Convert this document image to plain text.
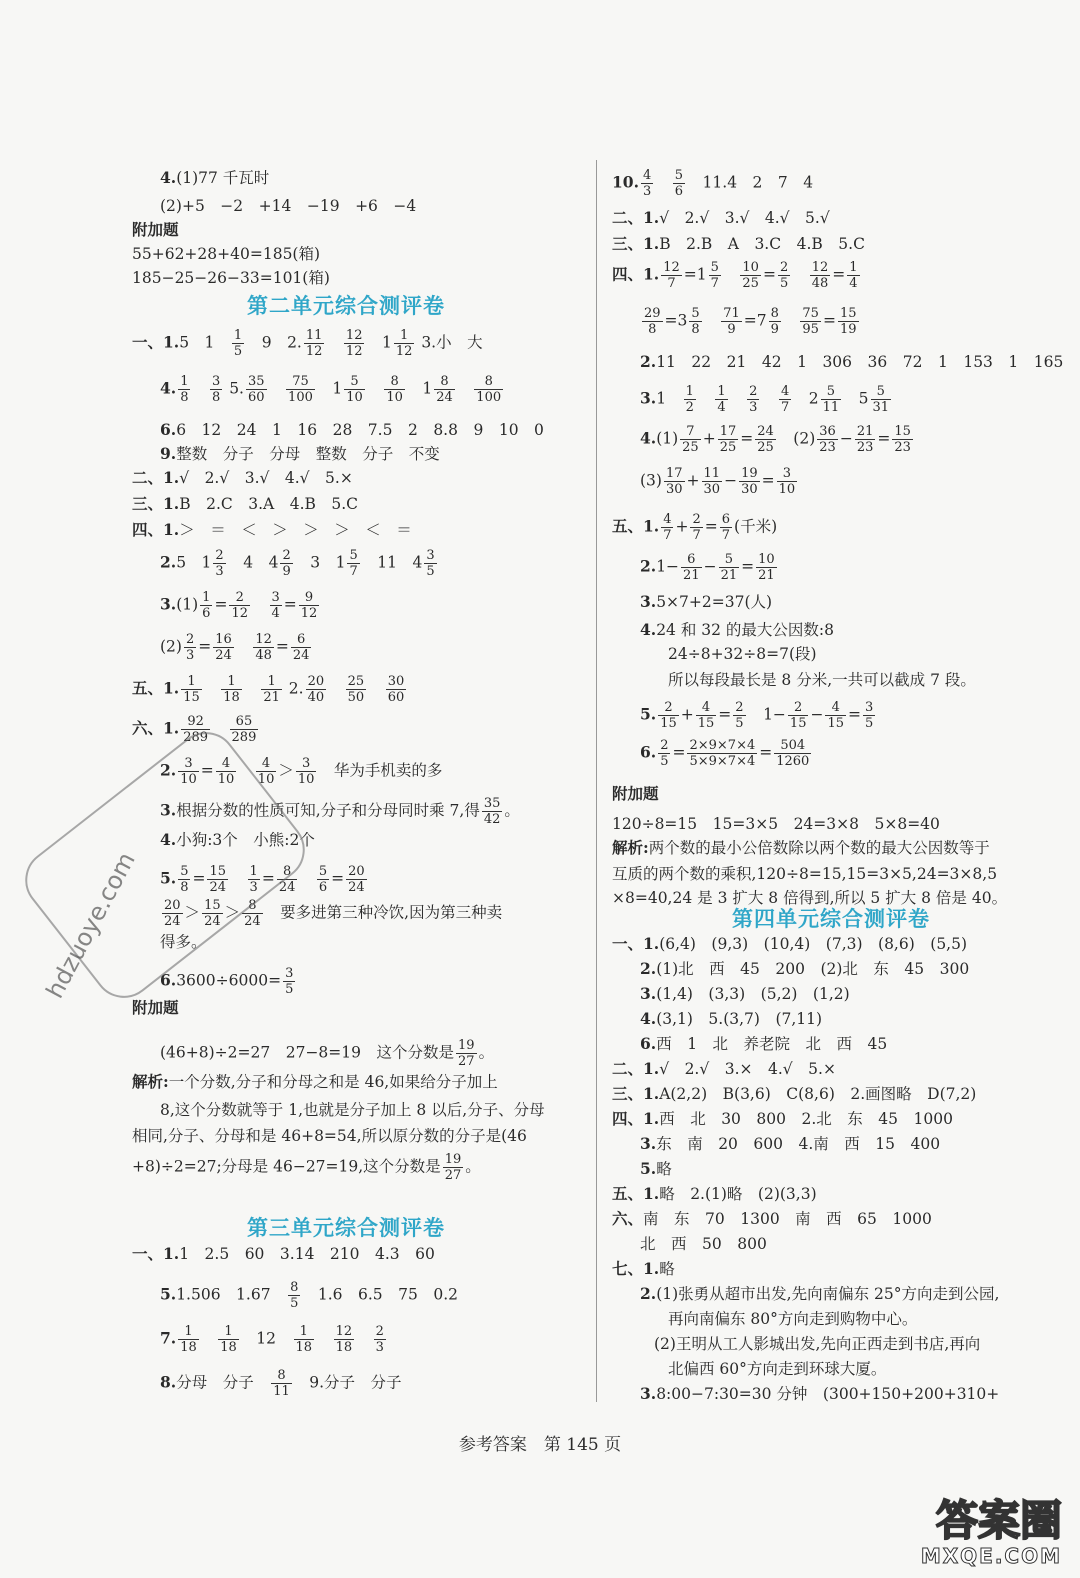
4.(1)77 千瓦时
(2)+5　−2　+14　−19　+6　−4
附加题
55+62+28+40=185(箱)
185−25−26−33=101(箱)
第二单元综合测评卷
一、1.5　1　 $\frac{1}{5}$ 　9　2. $\frac{11}{12}$
　 $\frac{12}{12}$ 　$1 \frac{1}{12} 3$.小　大
4. $\frac{1}{8}$
　 $\frac{3}{8} 5$. $\frac{35}{60}$
　 $\frac{75}{100}$ 　$1 \frac{5}{10}$
　 $\frac{8}{10}$ 　$1 \frac{8}{24}$
　 $\frac{8}{100}$
6.6　12　24　1　16　28　7.5　2　8.8　9　10　0
9.整数　分子　分母　整数　分子　不变
二、1.√　2.√　3.√　4.√　5.×
三、1.B　2.C　3.A　4.B　5.C
四、1.＞　＝　＜　＞　＞　＞　＜　＝
2.5　$1 \frac{2}{3}$ 　4　$4 \frac{2}{9}$ 　3　$1 \frac{5}{7}$ 　11　$4 \frac{3}{5}$
$3.(1) \frac{1}{6} = \frac{2}{12}$
　 $\frac{3}{4} = \frac{9}{12}$
$(2) \frac{2}{3} = \frac{16}{24}$
　 $\frac{12}{48} = \frac{6}{24}$
五、1. $\frac{1}{15}$
　 $\frac{1}{18}$
　 $\frac{1}{21} 2$. $\frac{20}{40}$
　 $\frac{25}{50}$
　 $\frac{30}{60}$
六、1. $\frac{92}{289}$
　 $\frac{65}{289}$
2. $\frac{3}{10} = \frac{4}{10}$
　 $\frac{4}{10} > \frac{3}{10}$ 　华为手机卖的多
3.根据分数的性质可知,分子和分母同时乘 7,得 $\frac{35}{42}$ 。
4.小狗:3个　小熊:2个
5. $\frac{5}{8} = \frac{15}{24}$
　 $\frac{1}{3} = \frac{8}{24}$
　 $\frac{5}{6} = \frac{20}{24}$
$\frac{20}{24} > \frac{15}{24} > \frac{8}{24}$ 　要多进第三种冷饮,因为第三种卖
得多。
$6.3600\div 6000= \frac{3}{5}$
附加题
(46+8)÷2=27　27−8=19　这个分数是 $\frac{19}{27}$ 。
解析:一个分数,分子和分母之和是 46,如果给分子加上
8,这个分数就等于 1,也就是分子加上 8 以后,分子、分母
相同,分子、分母和是 46+8=54,所以原分数的分子是(46
+8)÷2=27;分母是 46−27=19,这个分数是 $\frac{19}{27}$ 。
第三单元综合测评卷
一、1.1　2.5　60　3.14　210　4.3　60
5.1.506　1.67　 $\frac{8}{5}$ 　1.6　6.5　75　0.2
7. $\frac{1}{18}$
　 $\frac{1}{18}$ 　12　 $\frac{1}{18}$
　 $\frac{12}{18}$
　 $\frac{2}{3}$
8.分母　分子　 $\frac{8}{11}$ 　9.分子　分子
10. $\frac{4}{3}$
　 $\frac{5}{6}$ 　11.4　2　7　4
二、1.√　2.√　3.√　4.√　5.√
三、1.B　2.B　A　3.C　4.B　5.C
四、1. $\frac{12}{7} =1 \frac{5}{7}$
　 $\frac{10}{25} = \frac{2}{5}$
　 $\frac{12}{48} = \frac{1}{4}$
$\frac{29}{8} =3 \frac{5}{8}$
　 $\frac{71}{9} =7 \frac{8}{9}$
　 $\frac{75}{95} = \frac{15}{19}$
2.11　22　21　42　1　306　36　72　1　153　1　165
3.1　 $\frac{1}{2}$
　 $\frac{1}{4}$
　 $\frac{2}{3}$
　 $\frac{4}{7}$ 　$2 \frac{5}{11}$ 　$5 \frac{5}{31}$
$4.(1) \frac{7}{25} + \frac{17}{25} = \frac{24}{25}$ 　$(2) \frac{36}{23} - \frac{21}{23} = \frac{15}{23}$
$(3) \frac{17}{30} + \frac{11}{30} - \frac{19}{30} = \frac{3}{10}$
五、1. $\frac{4}{7} + \frac{2}{7} = \frac{6}{7}$ (千米)
$2.1- \frac{6}{21} - \frac{5}{21} = \frac{10}{21}$
3.5×7+2=37(人)
4.24 和 32 的最大公因数:8
24÷8+32÷8=7(段)
所以每段最长是 8 分米,一共可以截成 7 段。
5. $\frac{2}{15} + \frac{4}{15} = \frac{2}{5}$ 　$1- \frac{2}{15} - \frac{4}{15} = \frac{3}{5}$
6. $\frac{2}{5} = \frac{2\times 9\times 7\times 4}{5\times 9\times 7\times 4} = \frac{504}{1260}$
附加题
120÷8=15　15=3×5　24=3×8　5×8=40
解析:两个数的最小公倍数除以两个数的最大公因数等于
互质的两个数的乘积,120÷8=15,15=3×5,24=3×8,5
×8=40,24 是 3 扩大 8 倍得到,所以 5 扩大 8 倍是 40。
第四单元综合测评卷
一、1.(6,4)　(9,3)　(10,4)　(7,3)　(8,6)　(5,5)
2.(1)北　西　45　200　(2)北　东　45　300
3.(1,4)　(3,3)　(5,2)　(1,2)
4.(3,1)　5.(3,7)　(7,11)
6.西　1　北　养老院　北　西　45
二、1.√　2.√　3.×　4.√　5.×
三、1.A(2,2)　B(3,6)　C(8,6)　2.画图略　D(7,2)
四、1.西　北　30　800　2.北　东　45　1000
3.东　南　20　600　4.南　西　15　400
5.略
五、1.略　2.(1)略　(2)(3,3)
六、南　东　70　1300　南　西　65　1000
北　西　50　800
七、1.略
2.(1)张勇从超市出发,先向南偏东 25°方向走到公园,
再向南偏东 80°方向走到购物中心。
(2)王明从工人影城出发,先向正西走到书店,再向
北偏西 60°方向走到环球大厦。
3.8:00−7:30=30 分钟　(300+150+200+310+
参考答案　第 145 页
hdzuoye.com
答案圈
MXQE.COM
